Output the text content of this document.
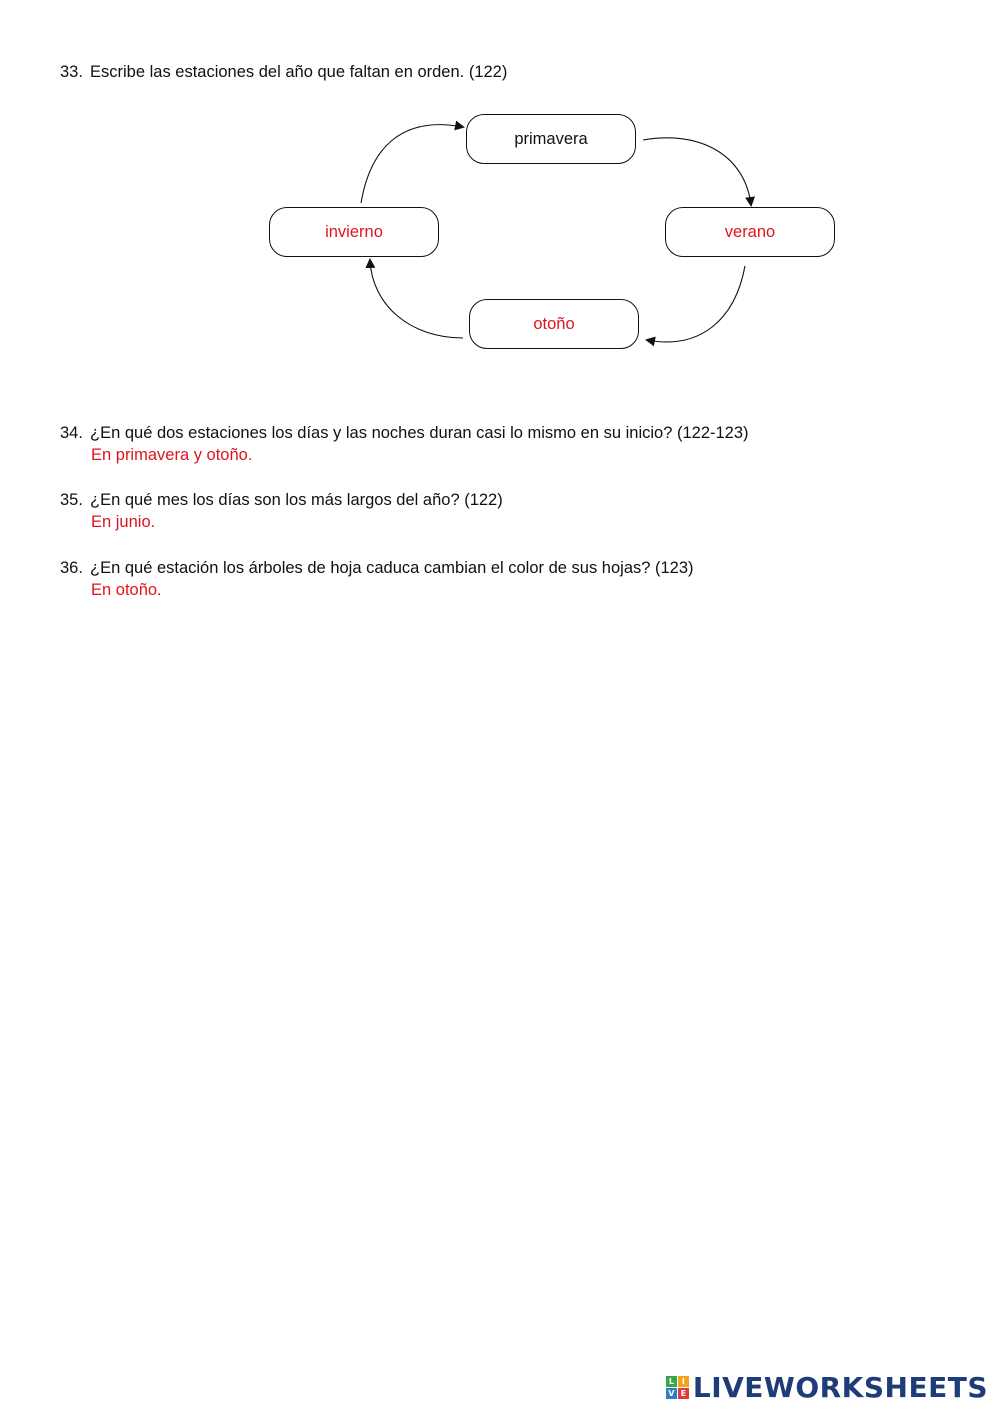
33. Escribe las estaciones del año que faltan en orden. (122)
primavera
verano
otoño
invierno
34. ¿En qué dos estaciones los días y las noches duran casi lo mismo en su inicio? (122-123)
En primavera y otoño.
35. ¿En qué mes los días son los más largos del año? (122)
En junio.
36. ¿En qué estación los árboles de hoja caduca cambian el color de sus hojas? (123)
En otoño.
L I
V E LIVEWORKSHEETS
